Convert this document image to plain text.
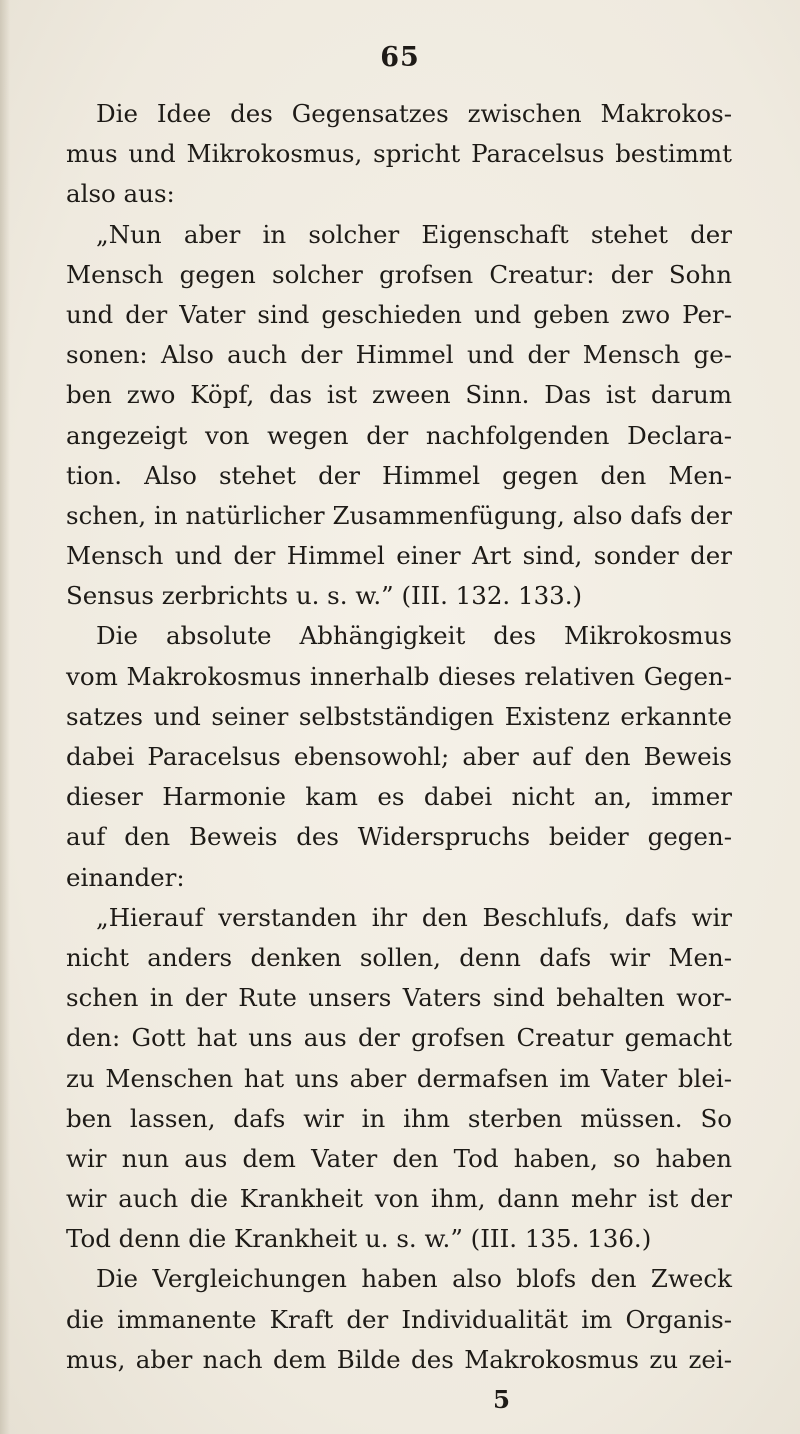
65
Die Idee des Gegensatzes zwischen Makrokos-
mus und Mikrokosmus, spricht Paracelsus bestimmt
also aus:
„Nun aber in solcher Eigenschaft stehet der
Mensch gegen solcher grofsen Creatur: der Sohn
und der Vater sind geschieden und geben zwo Per-
sonen: Also auch der Himmel und der Mensch ge-
ben zwo Köpf, das ist zween Sinn. Das ist darum
angezeigt von wegen der nachfolgenden Declara-
tion. Also stehet der Himmel gegen den Men-
schen, in natürlicher Zusammenfügung, also dafs der
Mensch und der Himmel einer Art sind, sonder der
Sensus zerbrichts u. s. w.” (III. 132. 133.)
Die absolute Abhängigkeit des Mikrokosmus
vom Makrokosmus innerhalb dieses relativen Gegen-
satzes und seiner selbstständigen Existenz erkannte
dabei Paracelsus ebensowohl; aber auf den Beweis
dieser Harmonie kam es dabei nicht an, immer
auf den Beweis des Widerspruchs beider gegen-
einander:
„Hierauf verstanden ihr den Beschlufs, dafs wir
nicht anders denken sollen, denn dafs wir Men-
schen in der Rute unsers Vaters sind behalten wor-
den: Gott hat uns aus der grofsen Creatur gemacht
zu Menschen hat uns aber dermafsen im Vater blei-
ben lassen, dafs wir in ihm sterben müssen. So
wir nun aus dem Vater den Tod haben, so haben
wir auch die Krankheit von ihm, dann mehr ist der
Tod denn die Krankheit u. s. w.” (III. 135. 136.)
Die Vergleichungen haben also blofs den Zweck
die immanente Kraft der Individualität im Organis-
mus, aber nach dem Bilde des Makrokosmus zu zei-
5
